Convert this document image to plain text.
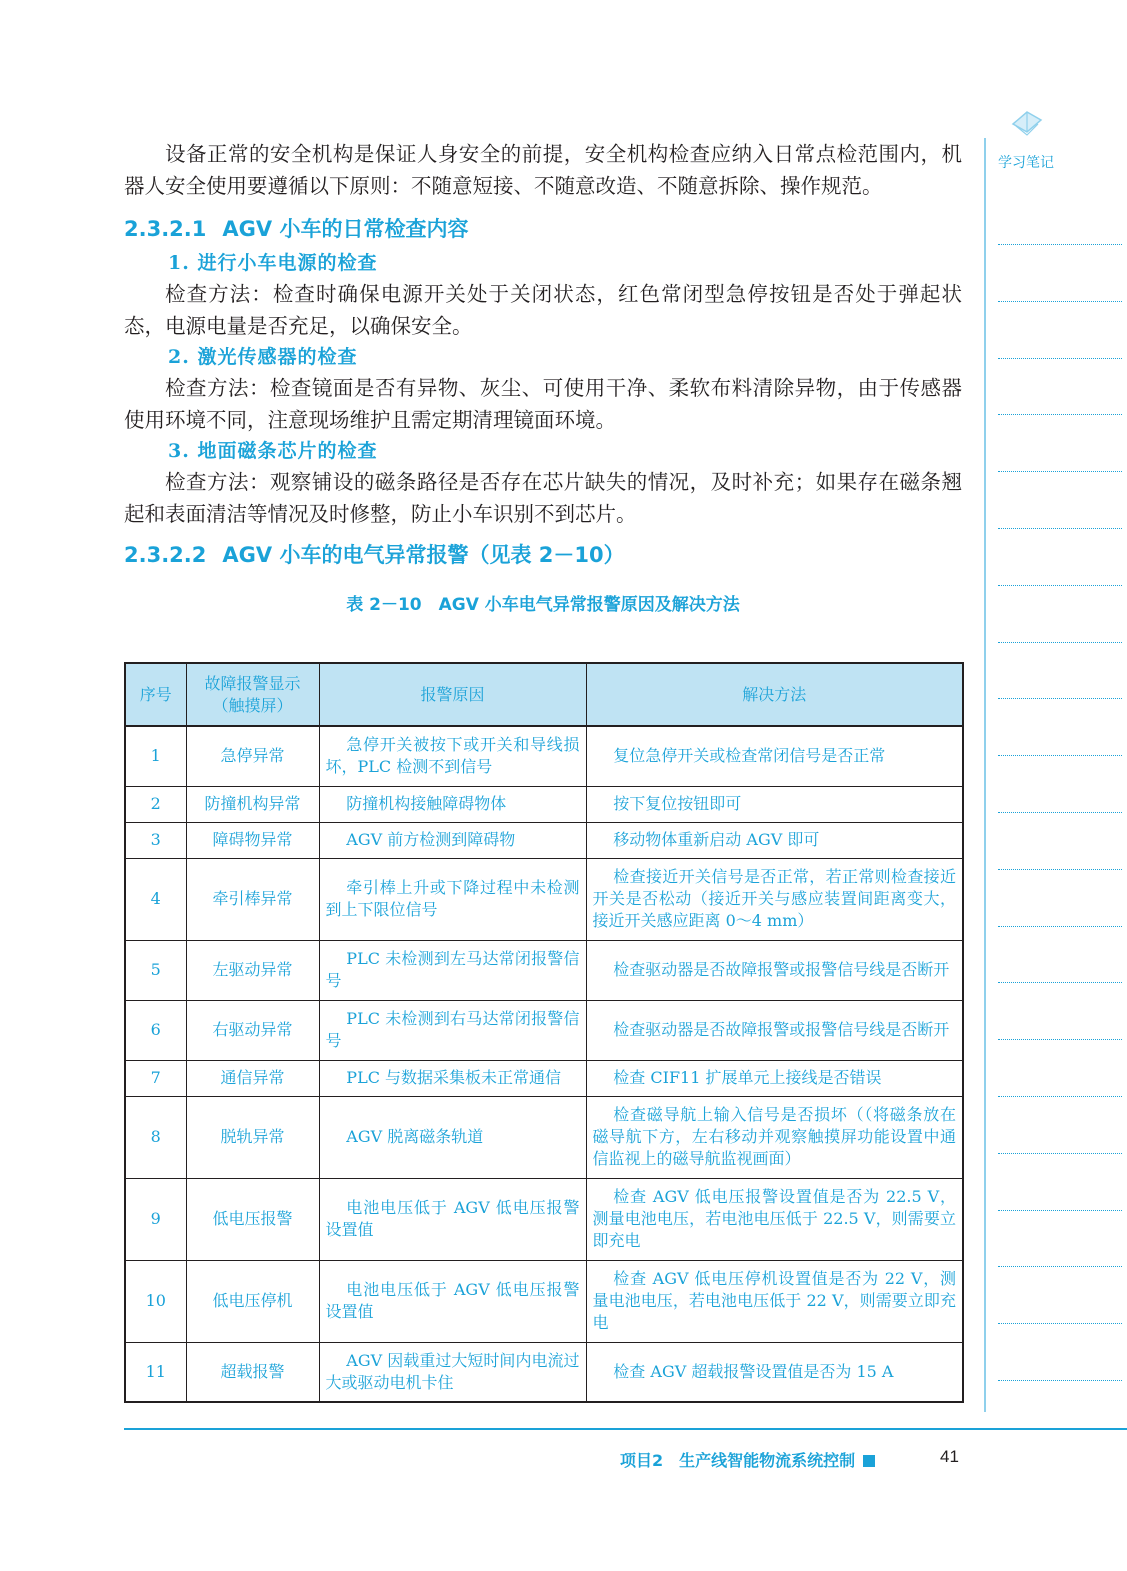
学习笔记

设备正常的安全机构是保证人身安全的前提，安全机构检查应纳入日常点检范围内，机器人安全使用要遵循以下原则：不随意短接、不随意改造、不随意拆除、操作规范。

2.3.2.1 AGV 小车的日常检查内容
1. 进行小车电源的检查

检查方法：检查时确保电源开关处于关闭状态，红色常闭型急停按钮是否处于弹起状态，电源电量是否充足，以确保安全。

2. 激光传感器的检查

检查方法：检查镜面是否有异物、灰尘、可使用干净、柔软布料清除异物，由于传感器使用环境不同，注意现场维护且需定期清理镜面环境。

3. 地面磁条芯片的检查

检查方法：观察铺设的磁条路径是否存在芯片缺失的情况，及时补充；如果存在磁条翘起和表面清洁等情况及时修整，防止小车识别不到芯片。

2.3.2.2 AGV 小车的电气异常报警（见表 2－10）

表 2－10　AGV 小车电气异常报警原因及解决方法

序号	故障报警显示（触摸屏）	报警原因	解决方法
1	急停异常	急停开关被按下或开关和导线损坏，PLC 检测不到信号	复位急停开关或检查常闭信号是否正常
2	防撞机构异常	防撞机构接触障碍物体	按下复位按钮即可
3	障碍物异常	AGV 前方检测到障碍物	移动物体重新启动 AGV 即可
4	牵引棒异常	牵引棒上升或下降过程中未检测到上下限位信号	检查接近开关信号是否正常，若正常则检查接近开关是否松动（接近开关与感应装置间距离变大，接近开关感应距离 0～4 mm）
5	左驱动异常	PLC 未检测到左马达常闭报警信号	检查驱动器是否故障报警或报警信号线是否断开
6	右驱动异常	PLC 未检测到右马达常闭报警信号	检查驱动器是否故障报警或报警信号线是否断开
7	通信异常	PLC 与数据采集板未正常通信	检查 CIF11 扩展单元上接线是否错误
8	脱轨异常	AGV 脱离磁条轨道	检查磁导航上输入信号是否损坏（（将磁条放在磁导航下方，左右移动并观察触摸屏功能设置中通信监视上的磁导航监视画面）
9	低电压报警	电池电压低于 AGV 低电压报警设置值	检查 AGV 低电压报警设置值是否为 22.5 V，测量电池电压，若电池电压低于 22.5 V，则需要立即充电
10	低电压停机	电池电压低于 AGV 低电压报警设置值	检查 AGV 低电压停机设置值是否为 22 V，测量电池电压，若电池电压低于 22 V，则需要立即充电
11	超载报警	AGV 因载重过大短时间内电流过大或驱动电机卡住	检查 AGV 超载报警设置值是否为 15 A
项目2　生产线智能物流系统控制	41
